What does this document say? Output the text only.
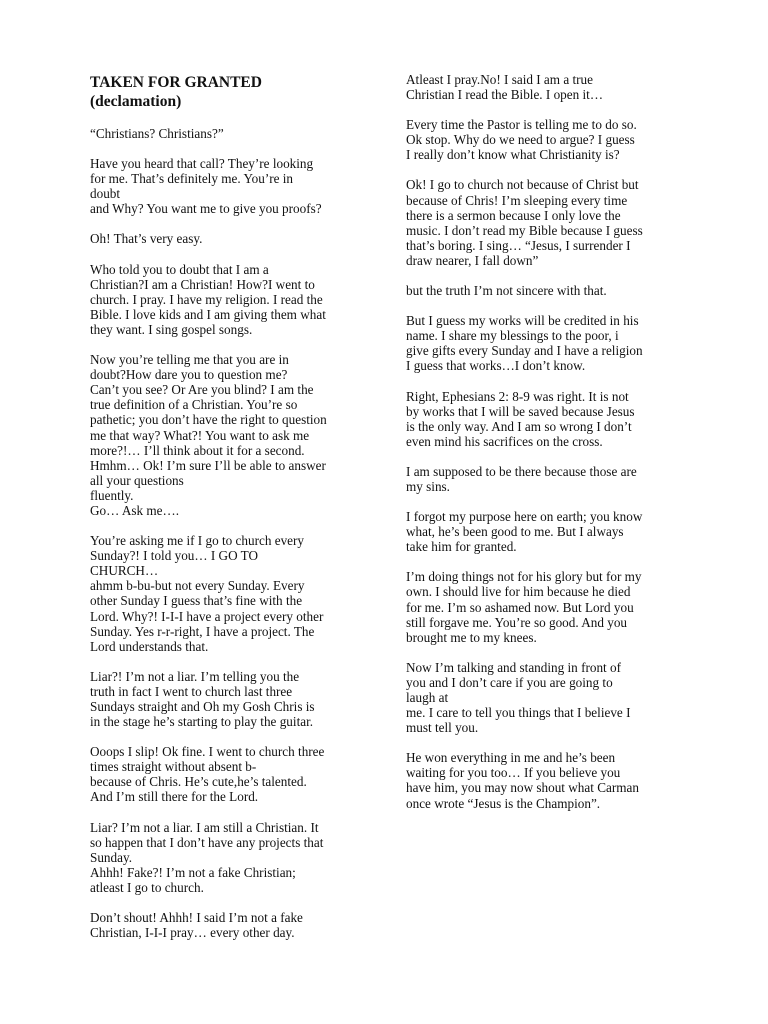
TAKEN FOR GRANTED
(declamation)

“Christians? Christians?”

Have you heard that call? They’re looking
for me. That’s definitely me. You’re in
doubt
and Why? You want me to give you proofs?

Oh! That’s very easy.

Who told you to doubt that I am a
Christian?I am a Christian! How?I went to
church. I pray. I have my religion. I read the
Bible. I love kids and I am giving them what
they want. I sing gospel songs.

Now you’re telling me that you are in
doubt?How dare you to question me?
Can’t you see? Or Are you blind? I am the
true definition of a Christian. You’re so
pathetic; you don’t have the right to question
me that way? What?! You want to ask me
more?!… I’ll think about it for a second.
Hmhm… Ok! I’m sure I’ll be able to answer
all your questions
fluently.
Go… Ask me….

You’re asking me if I go to church every
Sunday?! I told you… I GO TO
CHURCH…
ahmm b-bu-but not every Sunday. Every
other Sunday I guess that’s fine with the
Lord. Why?! I-I-I have a project every other
Sunday. Yes r-r-right, I have a project. The
Lord understands that.

Liar?! I’m not a liar. I’m telling you the
truth in fact I went to church last three
Sundays straight and Oh my Gosh Chris is
in the stage he’s starting to play the guitar.

Ooops I slip! Ok fine. I went to church three
times straight without absent b-
because of Chris. He’s cute,he’s talented.
And I’m still there for the Lord.

Liar? I’m not a liar. I am still a Christian. It
so happen that I don’t have any projects that
Sunday.
Ahhh! Fake?! I’m not a fake Christian;
atleast I go to church.

Don’t shout! Ahhh! I said I’m not a fake
Christian, I-I-I pray… every other day.

Atleast I pray.No! I said I am a true
Christian I read the Bible. I open it…

Every time the Pastor is telling me to do so.
Ok stop. Why do we need to argue? I guess
I really don’t know what Christianity is?

Ok! I go to church not because of Christ but
because of Chris! I’m sleeping every time
there is a sermon because I only love the
music. I don’t read my Bible because I guess
that’s boring. I sing… “Jesus, I surrender I
draw nearer, I fall down”

but the truth I’m not sincere with that.

But I guess my works will be credited in his
name. I share my blessings to the poor, i
give gifts every Sunday and I have a religion
I guess that works…I don’t know.

Right, Ephesians 2: 8-9 was right. It is not
by works that I will be saved because Jesus
is the only way. And I am so wrong I don’t
even mind his sacrifices on the cross.

I am supposed to be there because those are
my sins.

I forgot my purpose here on earth; you know
what, he’s been good to me. But I always
take him for granted.

I’m doing things not for his glory but for my
own. I should live for him because he died
for me. I’m so ashamed now. But Lord you
still forgave me. You’re so good. And you
brought me to my knees.

Now I’m talking and standing in front of
you and I don’t care if you are going to
laugh at
me. I care to tell you things that I believe I
must tell you.

He won everything in me and he’s been
waiting for you too… If you believe you
have him, you may now shout what Carman
once wrote “Jesus is the Champion”.
